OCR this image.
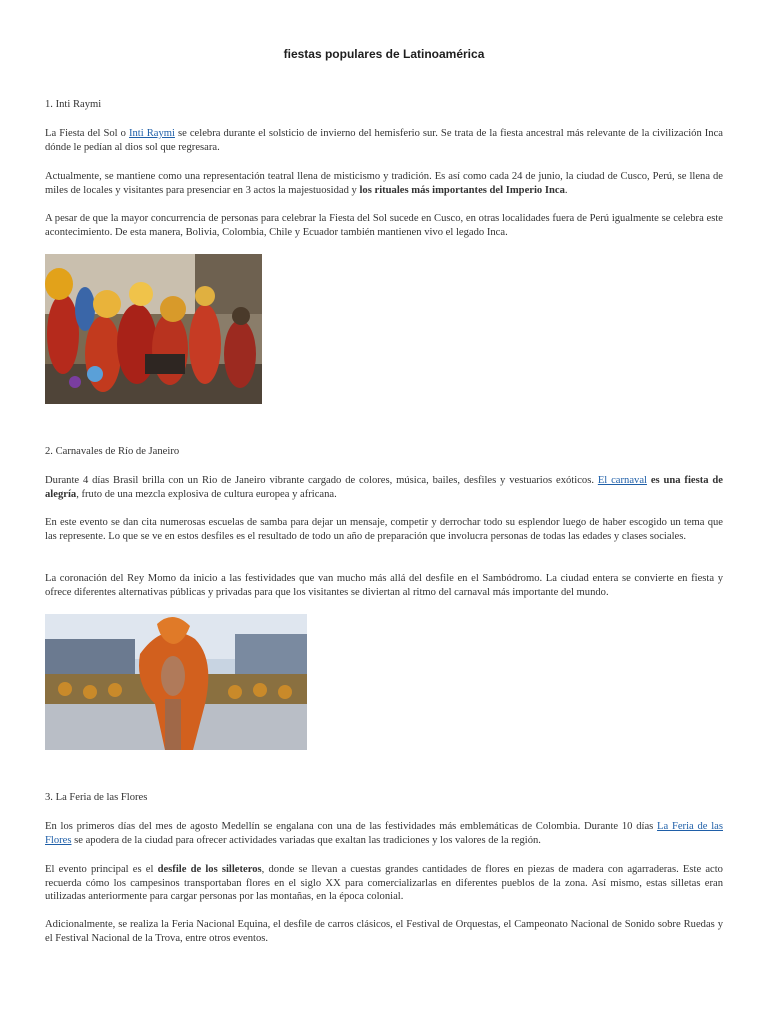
fiestas populares de Latinoamérica
1. Inti Raymi
La Fiesta del Sol o Inti Raymi se celebra durante el solsticio de invierno del hemisferio sur. Se trata de la fiesta ancestral más relevante de la civilización Inca dónde le pedían al dios sol que regresara.
Actualmente, se mantiene como una representación teatral llena de misticismo y tradición. Es así como cada 24 de junio, la ciudad de Cusco, Perú, se llena de miles de locales y visitantes para presenciar en 3 actos la majestuosidad y los rituales más importantes del Imperio Inca.
A pesar de que la mayor concurrencia de personas para celebrar la Fiesta del Sol sucede en Cusco, en otras localidades fuera de Perú igualmente se celebra este acontecimiento. De esta manera, Bolivia, Colombia, Chile y Ecuador también mantienen vivo el legado Inca.
2. Carnavales de Río de Janeiro
Durante 4 días Brasil brilla con un Rio de Janeiro vibrante cargado de colores, música, bailes, desfiles y vestuarios exóticos. El carnaval es una fiesta de alegría, fruto de una mezcla explosiva de cultura europea y africana.
En este evento se dan cita numerosas escuelas de samba para dejar un mensaje, competir y derrochar todo su esplendor luego de haber escogido un tema que las represente. Lo que se ve en estos desfiles es el resultado de todo un año de preparación que involucra personas de todas las edades y clases sociales.
La coronación del Rey Momo da inicio a las festividades que van mucho más allá del desfile en el Sambódromo. La ciudad entera se convierte en fiesta y ofrece diferentes alternativas públicas y privadas para que los visitantes se diviertan al ritmo del carnaval más importante del mundo.
3. La Feria de las Flores
En los primeros días del mes de agosto Medellín se engalana con una de las festividades más emblemáticas de Colombia. Durante 10 días La Feria de las Flores se apodera de la ciudad para ofrecer actividades variadas que exaltan las tradiciones y los valores de la región.
El evento principal es el desfile de los silleteros, donde se llevan a cuestas grandes cantidades de flores en piezas de madera con agarraderas. Este acto recuerda cómo los campesinos transportaban flores en el siglo XX para comercializarlas en diferentes pueblos de la zona. Así mismo, estas silletas eran utilizadas anteriormente para cargar personas por las montañas, en la época colonial.
Adicionalmente, se realiza la Feria Nacional Equina, el desfile de carros clásicos, el Festival de Orquestas, el Campeonato Nacional de Sonido sobre Ruedas y el Festival Nacional de la Trova, entre otros eventos.
